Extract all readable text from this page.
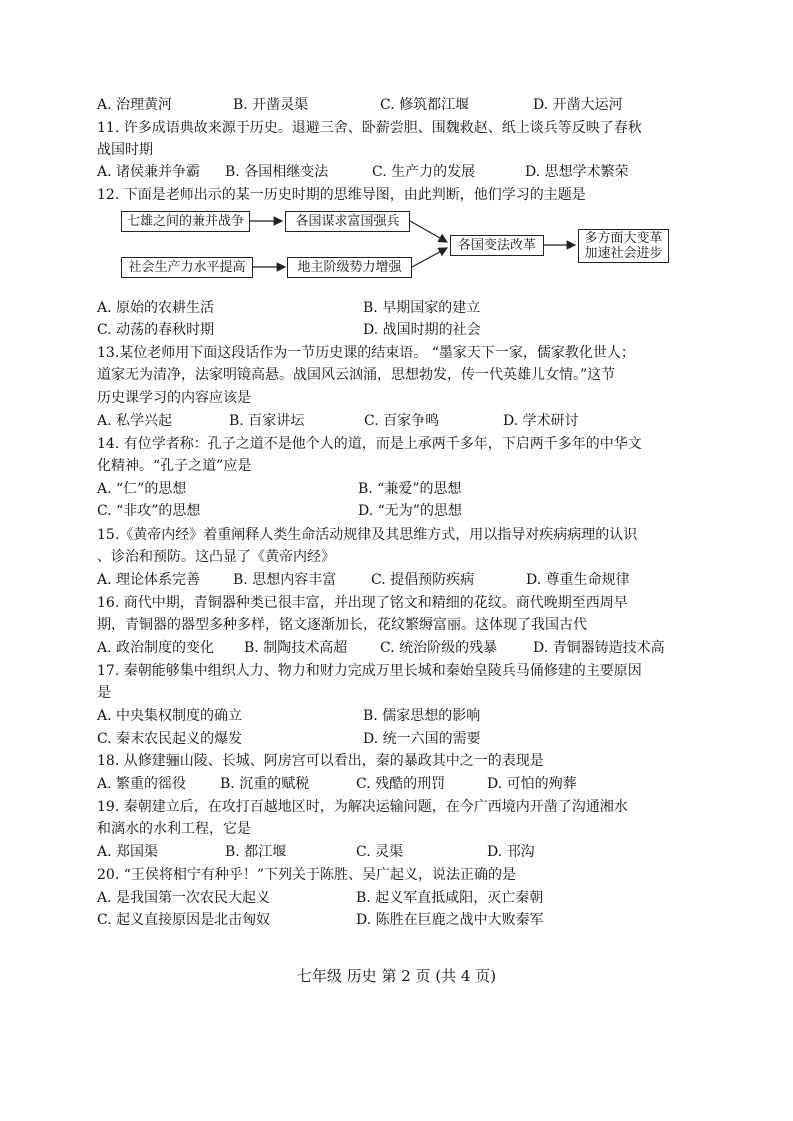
A. 治理黄河	B. 开凿灵渠	C. 修筑都江堰	D. 开凿大运河
11. 许多成语典故来源于历史。退避三舍、卧薪尝胆、围魏救赵、纸上谈兵等反映了春秋
战国时期
A. 诸侯兼并争霸 B. 各国相继变法	C. 生产力的发展	D. 思想学术繁荣
12. 下面是老师出示的某一历史时期的思维导图，由此判断，他们学习的主题是
七雄之间的兼并战争	各国谋求富国强兵
社会生产力水平提高	地主阶级势力增强
各国变法改革	多方面大变革
加速社会进步
A. 原始的农耕生活	B. 早期国家的建立
C. 动荡的春秋时期	D. 战国时期的社会
13.某位老师用下面这段话作为一节历史课的结束语。 “墨家天下一家，儒家教化世人；
道家无为清净，法家明镜高悬。战国风云汹涌，思想勃发，传一代英雄儿女情。”这节
历史课学习的内容应该是
A. 私学兴起	B. 百家讲坛	C. 百家争鸣	D. 学术研讨
14. 有位学者称：孔子之道不是他个人的道，而是上承两千多年，下启两千多年的中华文
化精神。“孔子之道”应是
A. “仁”的思想	B. “兼爱”的思想
C. “非攻”的思想	D. “无为”的思想
15.《黄帝内经》着重阐释人类生命活动规律及其思维方式，用以指导对疾病病理的认识
、诊治和预防。这凸显了《黄帝内经》
A. 理论体系完善 B. 思想内容丰富 C. 提倡预防疾病	D. 尊重生命规律
16. 商代中期，青铜器种类已很丰富，并出现了铭文和精细的花纹。商代晚期至西周早
期，青铜器的器型多种多样，铭文逐渐加长，花纹繁缛富丽。这体现了我国古代
A. 政治制度的变化 B. 制陶技术高超 C. 统治阶级的残暴	D. 青铜器铸造技术高
17. 秦朝能够集中组织人力、物力和财力完成万里长城和秦始皇陵兵马俑修建的主要原因
是
A. 中央集权制度的确立	B. 儒家思想的影响
C. 秦末农民起义的爆发	D. 统一六国的需要
18. 从修建骊山陵、长城、阿房宫可以看出，秦的暴政其中之一的表现是
A. 繁重的徭役 B. 沉重的赋税	C. 残酷的刑罚	D. 可怕的殉葬
19. 秦朝建立后，在攻打百越地区时，为解决运输问题，在今广西境内开凿了沟通湘水
和漓水的水利工程，它是
A. 郑国渠	B. 都江堰	C. 灵渠	D. 邗沟
20. “王侯将相宁有种乎！”下列关于陈胜、吴广起义，说法正确的是
A. 是我国第一次农民大起义	B. 起义军直抵咸阳，灭亡秦朝
C. 起义直接原因是北击匈奴	D. 陈胜在巨鹿之战中大败秦军
七年级 历史 第 2 页 (共 4 页)
